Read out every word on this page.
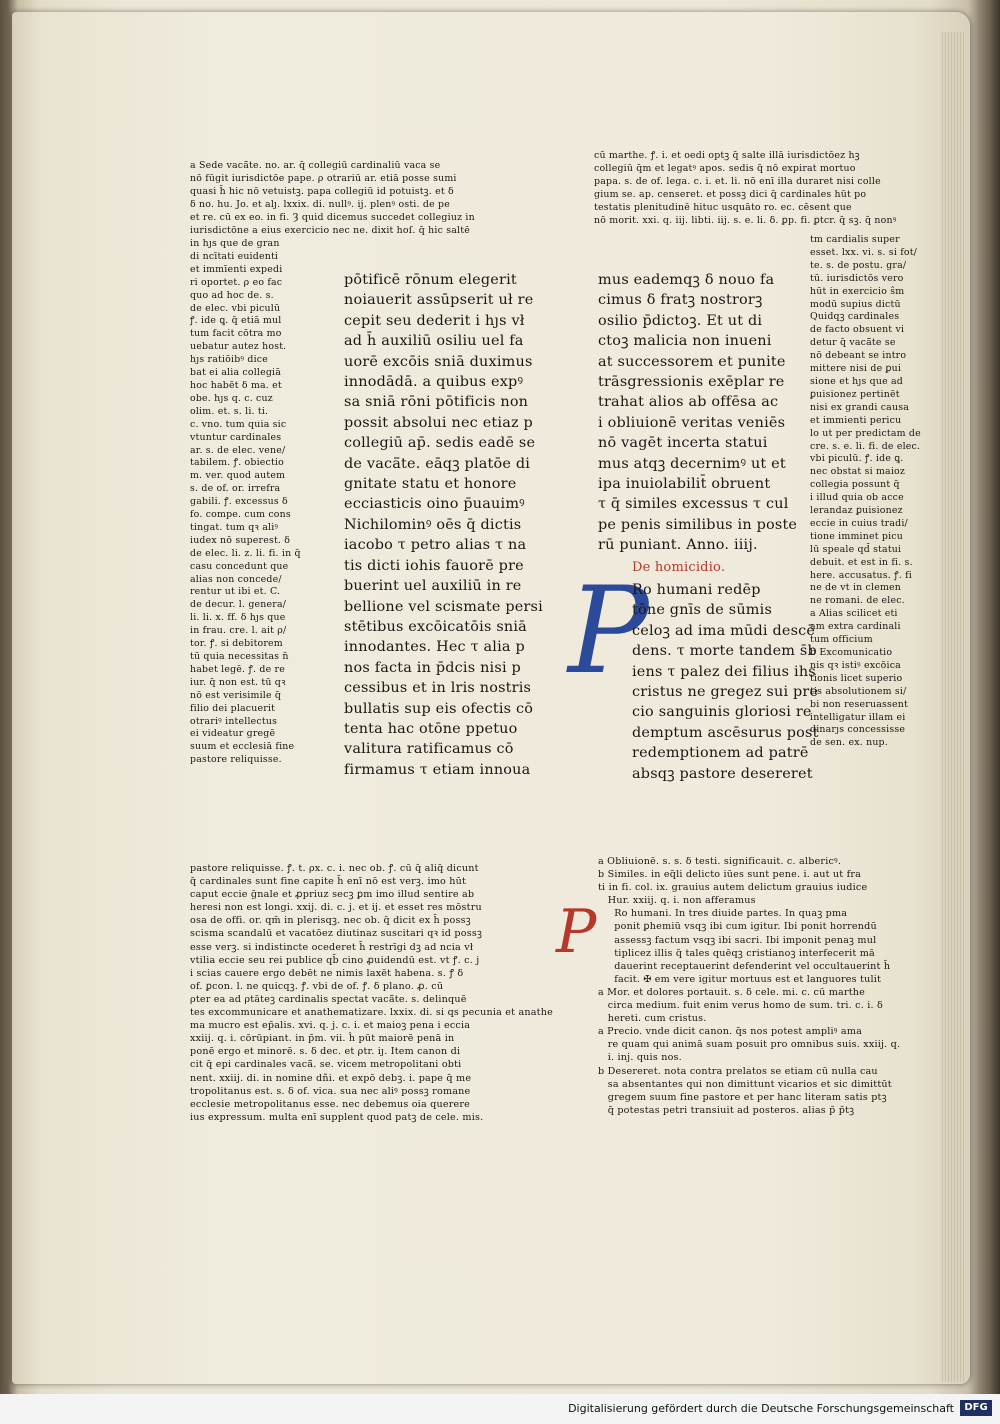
a Sede vacā̄te. no. ar. q̄ collegiū cardinaliū vaca se
nō fūgit iurisdictōe pape. ρ otrariū ar. etiā posse sumi
quasi h̄ hic nō vetuistꝫ. papa collegiū id potuistꝫ. et δ
δ no. hu. Jo. et alȷ. lxxix. di. nullꝰ. ij. plenꝰ osti. de pe
et re. cū ex eo. in fi. Ȝ quid dicemus succedet collegiuz in
iurisdictōne a eius exercicio nec ne. dixit hoſ. q̄ hic saltē
in hȷs que de gran
di ncītati euidenti
et immīenti expedi
ri oportet. ρ eo fac
quo ad hoc de. s.
de elec. vbi piculū
ꝭ. ide ꝗ. q̄ etiā mul
tum facit cōtra mo
uebatur autez host.
hȷs ratiōibꝰ dice
bat ei alia collegiā
hoc habēt δ ma. et
obe. hȷs q. c. cuz
olim. et. s. li. ti.
c. vno. tum quia sic
vtuntur cardinales
ar. s. de elec. vene/
tabilem. ꝭ. obiectio
m. ver. quod autem
s. de of. or. irrefra
gabili. ꝭ. excessus δ
fo. compe. cum cons
tingat. tum qꝛ aliꝰ
iudex nō superest. δ
de elec. li. z. li. fi. in q̄
casu concedunt que
alias non concede/
rentur ut ibi et. C.
de decur. l. genera/
li. li. x. ff. δ hȷs que
in frau. cre. l. ait ρ/
tor. ꝭ. si debitorem
tū quia necessitas n̄
habet legē. ꝭ. de re
iur. q̄ non est. tū qꝛ
nō est verisimile q̄
filio dei placuerit
otrariꝰ intellectus
ei videatur gregē
suum et ecclesiā fine
pastore reliquisse.
pōtificē rōnum elegerit
noiauerit assūpserit uł re
cepit seu dederit i hȷs vł
ad h̄ auxiliū osiliu uel fa
uorē excōis sniā duximus
innodādā. a quibus expꝰ
sa sniā rōni pōtificis non
possit absolui nec etiaz p
collegiū ap̄. sedis eadē se
de vacā̄te. eāqꝫ platōe di
gnitate statu et honore
ecciasticis oino p̄uauimꝰ
Nichilominꝰ oēs q̄ dictis
iacobo τ petro alias τ na
tis dicti iohis fauorē pre
buerint uel auxiliū in re
bellione vel scismate persi
stētibus excōicatōis sniā
innodantes. Hec τ alia p
nos facta in p̄dcis nisi p
cessibus et in lris nostris
bullatis sup eis ofectis cō
tenta hac otōne ppetuo
valitura ratificamus cō
firmamus τ etiam innoua
pastore reliquisse. ꝭ. t. ρx. c. i. nec ob. ꝭ. cū q̄ aliq̄ dicunt
q̄ cardinales sunt fine capite h̄ enī nō est verꝫ. imo hūt
caput eccie ḡnale et ꝓpriuz secꝫ ꝑm imo illud sentire ab
heresi non est longi. xxij. di. c. j. et ij. et esset res mōstru
osa de offi. or. qm̄ in plerisqꝫ. nec ob. q̄ dicit ex h̄ possꝫ
scisma scandalū et vacatōez diutinaz suscitari qꝛ id possꝫ
esse verꝫ. si indistincte ocederet h̄ restrīgi dꝫ ad ncia vł
vtilia eccie seu rei publice qb̄ cino ꝓuidendū est. vt ꝭ. c. j
i scias cauere ergo debēt ne nimis laxēt habena. s. ꝭ δ
of. ꝑcon. l. ne quicqꝫ. ꝭ. vbi de of. ꝭ. δ plano. ꝓ. cū
ρter ea ad ρtāteꝫ cardinalis spectat vacā̄te. s. delinquē
tes excommunicare et anathematizare. lxxix. di. si qs pecunia et anathe
ma mucro est ep̄alis. xvi. q. j. c. i. et maioꝫ pena i eccia
xxiij. q. i. cōrūpiant. in p̄m. vii. ĥ pūt maiorē penā in
ponē ergo et minorē. s. δ dec. et ρtr. iȷ. Item canon di
cit q̄ epi cardinales vacā̄. se. vicem metropolitani obti
nent. xxiij. di. in nomine dñi. et expō debꝫ. i. pape q̄ me
tropolitanus est. s. δ of. vica. sua nec aliꝰ possꝫ romane
ecclesie metropolitanus esse. nec debemus oia querere
ius expressum. multa enī supplent quod patꝫ de cele. mis.
cū marthe. ꝭ. i. et oedi optꝫ q̄ salte illā iurisdictōez hꝫ
collegiū q̄m et legatꝰ apos. sedis q̄ nō expirat mortuo
papa. s. de of. lega. c. i. et. li. nō enī illa duraret nisi colle
gium se. ap. censeret. et possꝫ dici q̄ cardinales hūt po
testatis plenitudinē hituc usquāto ro. ec. cēsent que
nō morit. xxi. q. iij. libti. iij. s. e. li. δ. ꝑp. fi. ꝑtcr. q̄ sꝫ. q̄ nonꝰ
tm cardialis super
esset. lxx. vi. s. si fot/
te. s. de postu. gra/
tū. iurisdictōs vero
hūt in exercicio ŝm
modū supius dictū
Quidqꝫ cardinales
de facto obsuent vi
detur q̄ vacā̄te se
nō debeant se intro
mittere nisi de ꝑui
sione et hȷs que ad
ꝑuisionez pertinēt
nisi ex grandi causa
et immienti pericu
lo ut per predictam de
cre. s. e. li. fi. de elec.
vbi piculū. ꝭ. ide ꝗ.
nec obstat si maioz
collegia possunt q̄
i illud quia ob acce
lerandaz ꝑuisionez
eccie in cuius tradi/
tione imminet picu
lū speale qd̄ statui
debuit. et est in fi. s.
here. accusatus. ꝭ. fi
ne de vt in clemen
ne romani. de elec.
a Alias scilicet eti
am extra cardinali
tum officium
b Excomunicatio
nis qꝛ istiꝰ excōica
tionis licet superio
tis absolutionem si/
bi non reseruassent
intelligatur illam ei
dinarȷs concessisse
de sen. ex. nup.
mus eademqꝫ δ nouo fa
cimus δ fratꝫ nostrorꝫ
osilio p̄dictoꝫ. Et ut di
ctoꝫ malicia non inueni
at successorem et punite
trāsgressionis exēplar re
trahat alios ab offēsa ac
i obliuionē veritas veniēs
nō vagēt incerta statui
mus atqꝫ decernimꝰ ut et
ipa inuiolabilit̄ obruent
τ q̄ similes excessus τ cul
pe penis similibus in poste
rū puniant. Anno. iiij.
De homicidio.
P
Ro humani redēp
tōne gnīs de sūmis
celoꝫ ad ima mūdi descē
dens. τ morte tandem s̄b
iens τ palez dei filius ihs
cristus ne gregez sui pre
cio sanguinis gloriosi re
demptum ascēsurus post
redemptionem ad patrē
absqꝫ pastore desereret
a Obliuionē. s. s. δ testi. significauit. c. albericꝰ.
b Similes. in eq̄li delicto iūes sunt pene. i. aut ut fra
ti in fi. col. ix. grauius autem delictum grauius iudice
Hur. xxiij. q. i. non afferamus
Ro humani. In tres diuide partes. In quaꝫ pma
ponit ꝑhemiū vsqꝫ ibi cum igitur. Ibi ponit horrendū
assessꝫ factum vsqꝫ ibi sacri. Ibi imponit penaꝫ mul
tiplicez illis q̄ tales quēqꝫ cristianoꝫ interfecerit mā
dauerint receptauerint defenderint vel occultauerint h̄
facit. ✠ em vere igitur mortuus est et languores tulit
a Mor. et dolores portauit. s. δ cele. mi. c. cū marthe
circa medium. fuit enim verus homo de sum. tri. c. i. δ
hereti. cum cristus.
a Precio. vnde dicit canon. q̄s nos potest ampliꝰ ama
re quam qui animā suam posuit pro omnibus suis. xxiij. q.
i. inj. quis nos.
b Desereret. nota contra prelatos se etiam cū nulla cau
sa absentantes qui non dimittunt vicarios et sic dimittūt
gregem suum fine pastore et per hanc literam satis ptꝫ
q̄ potestas petri transiuit ad posteros. alias p̄ p̄tꝫ
P
Digitalisierung gefördert durch die Deutsche Forschungsgemeinschaft	DFG
